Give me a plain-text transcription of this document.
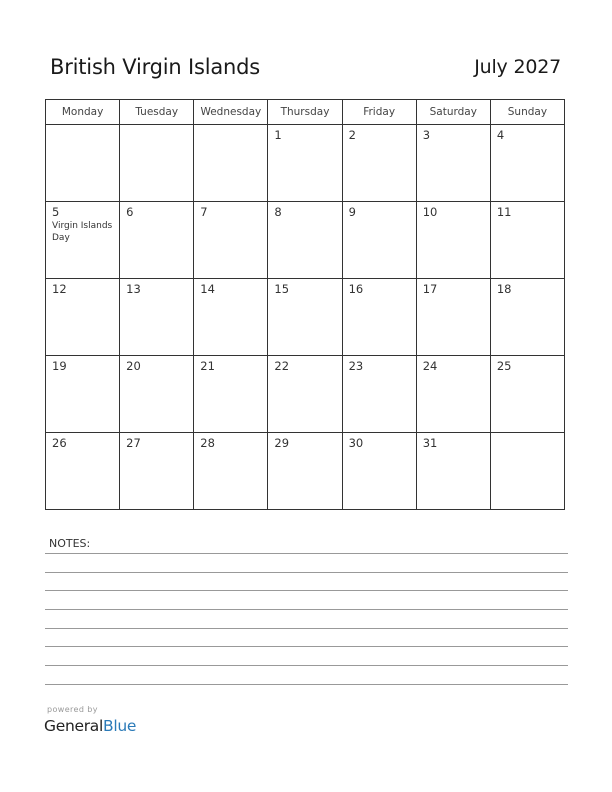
British Virgin Islands	July 2027
Monday	Tuesday	Wednesday	Thursday	Friday	Saturday	Sunday

			1	2	3	4

5
Virgin Islands Day	6	7	8	9	10	11

12	13	14	15	16	17	18

19	20	21	22	23	24	25

26	27	28	29	30	31	

NOTES:
powered by
GeneralBlue
